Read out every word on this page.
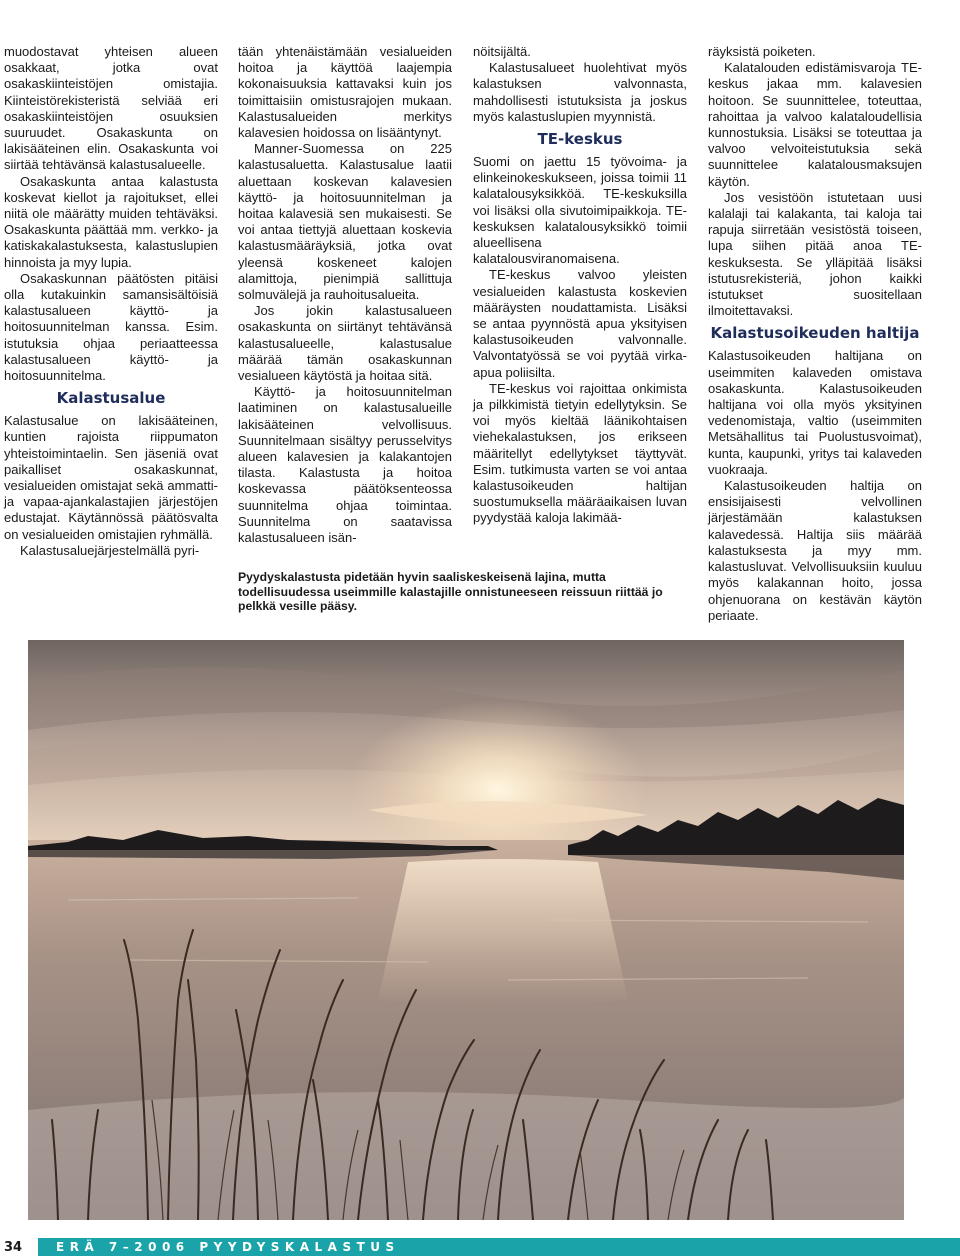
muodostavat yhteisen alueen osakkaat, jotka ovat osakaskiinteistöjen omistajia. Kiinteistörekisteristä selviää eri osakaskiinteistöjen osuuksien suuruudet. Osakaskunta on lakisääteinen elin. Osakaskunta voi siirtää tehtävänsä kalastusalueelle.

Osakaskunta antaa kalastusta koskevat kiellot ja rajoitukset, ellei niitä ole määrätty muiden tehtäväksi. Osakaskunta päättää mm. verkko- ja katiskakalastuksesta, kalastuslupien hinnoista ja myy lupia.

Osakaskunnan päätösten pitäisi olla kutakuinkin samansisältöisiä kalastusalueen käyttö- ja hoitosuunnitelman kanssa. Esim. istutuksia ohjaa periaatteessa kalastusalueen käyttö- ja hoitosuunnitelma.

Kalastusalue

Kalastusalue on lakisääteinen, kuntien rajoista riippumaton yhteistoimintaelin. Sen jäseniä ovat paikalliset osakaskunnat, vesialueiden omistajat sekä ammatti- ja vapaa-ajankalastajien järjestöjen edustajat. Käytännössä päätösvalta on vesialueiden omistajien ryhmällä.

Kalastusaluejärjestelmällä pyri-

tään yhtenäistämään vesialueiden hoitoa ja käyttöä laajempia kokonaisuuksia kattavaksi kuin jos toimittaisiin omistusrajojen mukaan. Kalastusalueiden merkitys kalavesien hoidossa on lisääntynyt.

Manner-Suomessa on 225 kalastusaluetta. Kalastusalue laatii aluettaan koskevan kalavesien käyttö- ja hoitosuunnitelman ja hoitaa kalavesiä sen mukaisesti. Se voi antaa tiettyjä aluettaan koskevia kalastusmääräyksiä, jotka ovat yleensä koskeneet kalojen alamittoja, pienimpiä sallittuja solmuvälejä ja rauhoitusalueita.

Jos jokin kalastusalueen osakaskunta on siirtänyt tehtävänsä kalastusalueelle, kalastusalue määrää tämän osakaskunnan vesialueen käytöstä ja hoitaa sitä.

Käyttö- ja hoitosuunnitelman laatiminen on kalastusalueille lakisääteinen velvollisuus. Suunnitelmaan sisältyy perusselvitys alueen kalavesien ja kalakantojen tilasta. Kalastusta ja hoitoa koskevassa päätöksenteossa suunnitelma ohjaa toimintaa. Suunnitelma on saatavissa kalastusalueen isän-

nöitsijältä.

Kalastusalueet huolehtivat myös kalastuksen valvonnasta, mahdollisesti istutuksista ja joskus myös kalastuslupien myynnistä.

TE-keskus

Suomi on jaettu 15 työvoima- ja elinkeinokeskukseen, joissa toimii 11 kalatalousyksikköä. TE-keskuksilla voi lisäksi olla sivutoimipaikkoja. TE-keskuksen kalatalousyksikkö toimii alueellisena kalatalousviranomaisena.

TE-keskus valvoo yleisten vesialueiden kalastusta koskevien määräysten noudattamista. Lisäksi se antaa pyynnöstä apua yksityisen kalastusoikeuden valvonnalle. Valvontatyössä se voi pyytää virka-apua poliisilta.

TE-keskus voi rajoittaa onkimista ja pilkkimistä tietyin edellytyksin. Se voi myös kieltää läänikohtaisen viehekalastuksen, jos erikseen määritellyt edellytykset täyttyvät. Esim. tutkimusta varten se voi antaa kalastusoikeuden haltijan suostumuksella määräaikaisen luvan pyydystää kaloja lakimää-

räyksistä poiketen.

Kalatalouden edistämisvaroja TE-keskus jakaa mm. kalavesien hoitoon. Se suunnittelee, toteuttaa, rahoittaa ja valvoo kalataloudellisia kunnostuksia. Lisäksi se toteuttaa ja valvoo velvoiteistutuksia sekä suunnittelee kalatalousmaksujen käytön.

Jos vesistöön istutetaan uusi kalalaji tai kalakanta, tai kaloja tai rapuja siirretään vesistöstä toiseen, lupa siihen pitää anoa TE-keskuksesta. Se ylläpitää lisäksi istutusrekisteriä, johon kaikki istutukset suositellaan ilmoitettavaksi.

Kalastusoikeuden haltija

Kalastusoikeuden haltijana on useimmiten kalaveden omistava osakaskunta. Kalastusoikeuden haltijana voi olla myös yksityinen vedenomistaja, valtio (useimmiten Metsähallitus tai Puolustusvoimat), kunta, kaupunki, yritys tai kalaveden vuokraaja.

Kalastusoikeuden haltija on ensisijaisesti velvollinen järjestämään kalastuksen kalavedessä. Haltija siis määrää kalastuksesta ja myy mm. kalastusluvat. Velvollisuuksiin kuuluu myös kalakannan hoito, jossa ohjenuorana on kestävän käytön periaate.

Pyydyskalastusta pidetään hyvin saaliskeskeisenä lajina, mutta todellisuudessa useimmille kalastajille onnistuneeseen reissuun riittää jo pelkkä vesille pääsy.

34	ERÄ 7–2006 PYYDYSKALASTUS
